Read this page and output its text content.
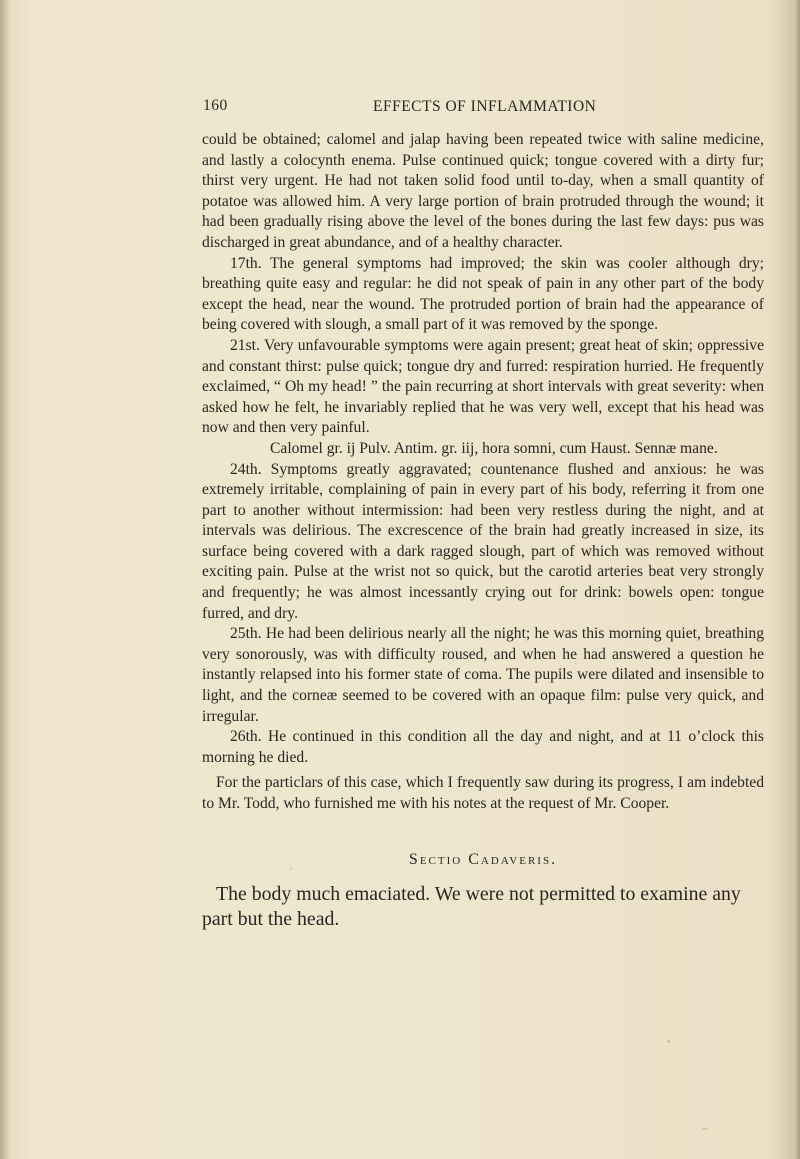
160	EFFECTS OF INFLAMMATION

could be obtained; calomel and jalap having been repeated twice with saline medicine, and lastly a colocynth enema. Pulse continued quick; tongue covered with a dirty fur; thirst very urgent. He had not taken solid food until to-day, when a small quantity of potatoe was allowed him. A very large portion of brain protruded through the wound; it had been gradually rising above the level of the bones during the last few days: pus was discharged in great abundance, and of a healthy character.

17th. The general symptoms had improved; the skin was cooler although dry; breathing quite easy and regular: he did not speak of pain in any other part of the body except the head, near the wound. The protruded portion of brain had the appearance of being covered with slough, a small part of it was removed by the sponge.

21st. Very unfavourable symptoms were again present; great heat of skin; oppressive and constant thirst: pulse quick; tongue dry and furred: respiration hurried. He frequently exclaimed, “ Oh my head! ” the pain recurring at short intervals with great severity: when asked how he felt, he invariably replied that he was very well, except that his head was now and then very painful.

Calomel gr. ij Pulv. Antim. gr. iij, hora somni, cum Haust. Sennæ mane.

24th. Symptoms greatly aggravated; countenance flushed and anxious: he was extremely irritable, complaining of pain in every part of his body, referring it from one part to another without intermission: had been very restless during the night, and at intervals was delirious. The excrescence of the brain had greatly increased in size, its surface being covered with a dark ragged slough, part of which was removed without exciting pain. Pulse at the wrist not so quick, but the carotid arteries beat very strongly and frequently; he was almost incessantly crying out for drink: bowels open: tongue furred, and dry.

25th. He had been delirious nearly all the night; he was this morning quiet, breathing very sonorously, was with difficulty roused, and when he had answered a question he instantly relapsed into his former state of coma. The pupils were dilated and insensible to light, and the corneæ seemed to be covered with an opaque film: pulse very quick, and irregular.

26th. He continued in this condition all the day and night, and at 11 o’clock this morning he died.

For the particlars of this case, which I frequently saw during its progress, I am indebted to Mr. Todd, who furnished me with his notes at the request of Mr. Cooper.

Sectio Cadaveris.

The body much emaciated. We were not permitted to examine any part but the head.
